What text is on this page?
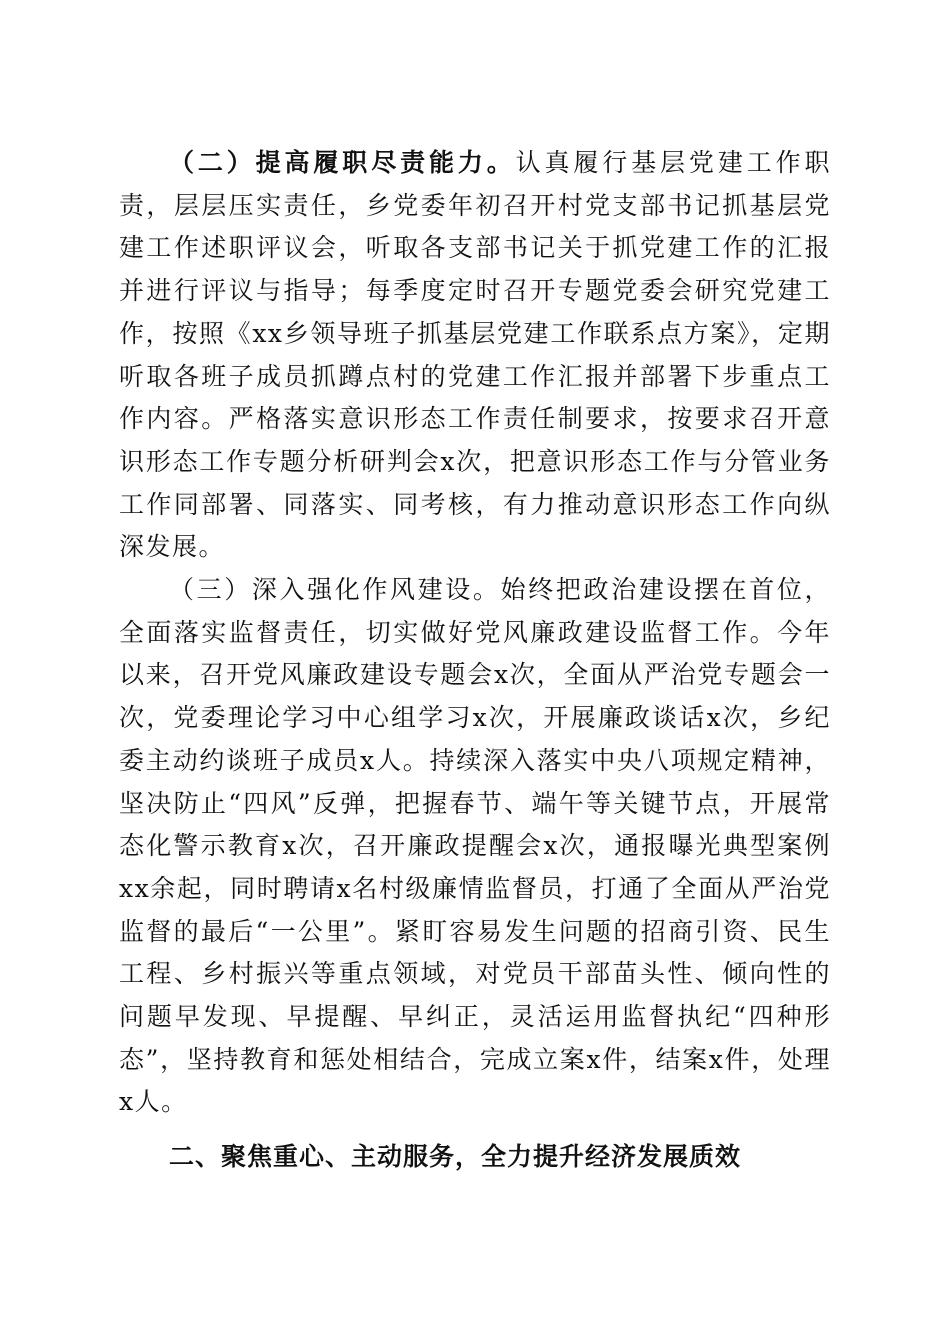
（二）提高履职尽责能力。认真履行基层党建工作职责，层层压实责任，乡党委年初召开村党支部书记抓基层党建工作述职评议会，听取各支部书记关于抓党建工作的汇报并进行评议与指导；每季度定时召开专题党委会研究党建工作，按照《xx乡领导班子抓基层党建工作联系点方案》，定期听取各班子成员抓蹲点村的党建工作汇报并部署下步重点工作内容。严格落实意识形态工作责任制要求，按要求召开意识形态工作专题分析研判会x次，把意识形态工作与分管业务工作同部署、同落实、同考核，有力推动意识形态工作向纵深发展。

（三）深入强化作风建设。始终把政治建设摆在首位，全面落实监督责任，切实做好党风廉政建设监督工作。今年以来，召开党风廉政建设专题会x次，全面从严治党专题会一次，党委理论学习中心组学习x次，开展廉政谈话x次，乡纪委主动约谈班子成员x人。持续深入落实中央八项规定精神，坚决防止“四风”反弹，把握春节、端午等关键节点，开展常态化警示教育x次，召开廉政提醒会x次，通报曝光典型案例xx余起，同时聘请x名村级廉情监督员，打通了全面从严治党监督的最后“一公里”。紧盯容易发生问题的招商引资、民生工程、乡村振兴等重点领域，对党员干部苗头性、倾向性的问题早发现、早提醒、早纠正，灵活运用监督执纪“四种形态”，坚持教育和惩处相结合，完成立案x件，结案x件，处理x人。

二、聚焦重心、主动服务，全力提升经济发展质效
